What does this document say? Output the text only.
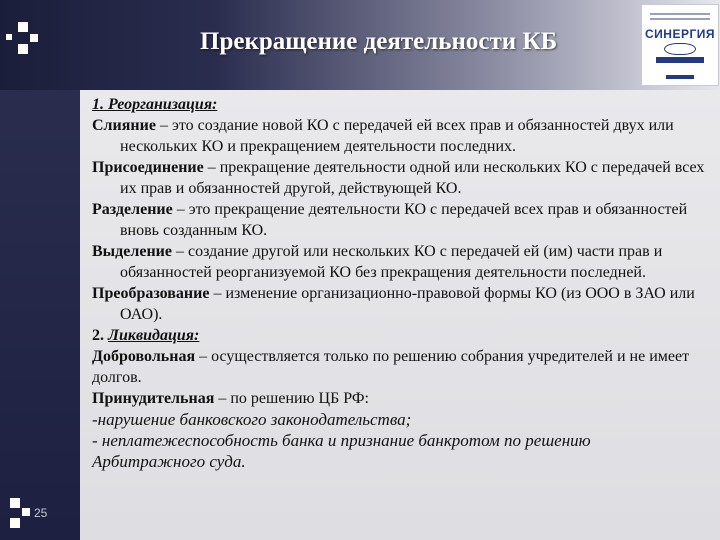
Прекращение деятельности КБ	СИНЕРГИЯ
25

1. Реорганизация:

Слияние – это создание новой КО с передачей ей всех прав и обязанностей двух или нескольких КО и прекращением деятельности последних.

Присоединение – прекращение деятельности одной или нескольких КО с передачей всех их прав и обязанностей другой, действующей КО.

Разделение – это прекращение деятельности КО с передачей всех прав и обязанностей вновь созданным КО.

Выделение – создание другой или нескольких КО с передачей ей (им) части прав и обязанностей реорганизуемой КО без прекращения деятельности последней.

Преобразование – изменение организационно-правовой формы КО (из ООО в ЗАО или ОАО).

2. Ликвидация:

Добровольная – осуществляется только по решению собрания учредителей и не имеет долгов.

Принудительная – по решению ЦБ РФ:

-нарушение банковского законодательства;

- неплатежеспособность банка и признание банкротом по решению Арбитражного суда.
